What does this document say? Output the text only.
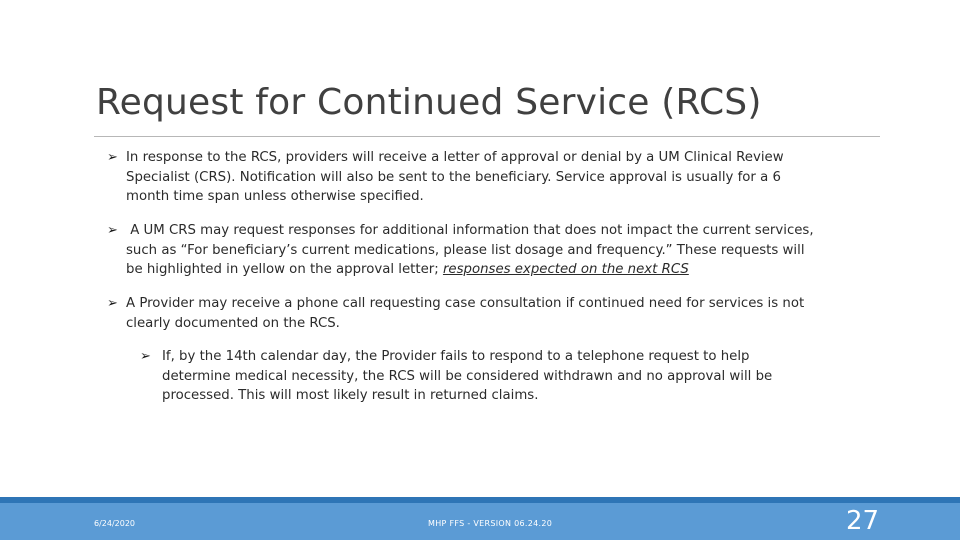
Request for Continued Service (RCS)
➢ In response to the RCS, providers will receive a letter of approval or denial by a UM Clinical Review
Specialist (CRS). Notification will also be sent to the beneficiary. Service approval is usually for a 6
month time span unless otherwise specified.
➢ A UM CRS may request responses for additional information that does not impact the current services,
such as “For beneficiary’s current medications, please list dosage and frequency.” These requests will
be highlighted in yellow on the approval letter; responses expected on the next RCS
➢ A Provider may receive a phone call requesting case consultation if continued need for services is not
clearly documented on the RCS.
➢ If, by the 14th calendar day, the Provider fails to respond to a telephone request to help
determine medical necessity, the RCS will be considered withdrawn and no approval will be
processed. This will most likely result in returned claims.
6/24/2020	MHP FFS - VERSION 06.24.20	27
